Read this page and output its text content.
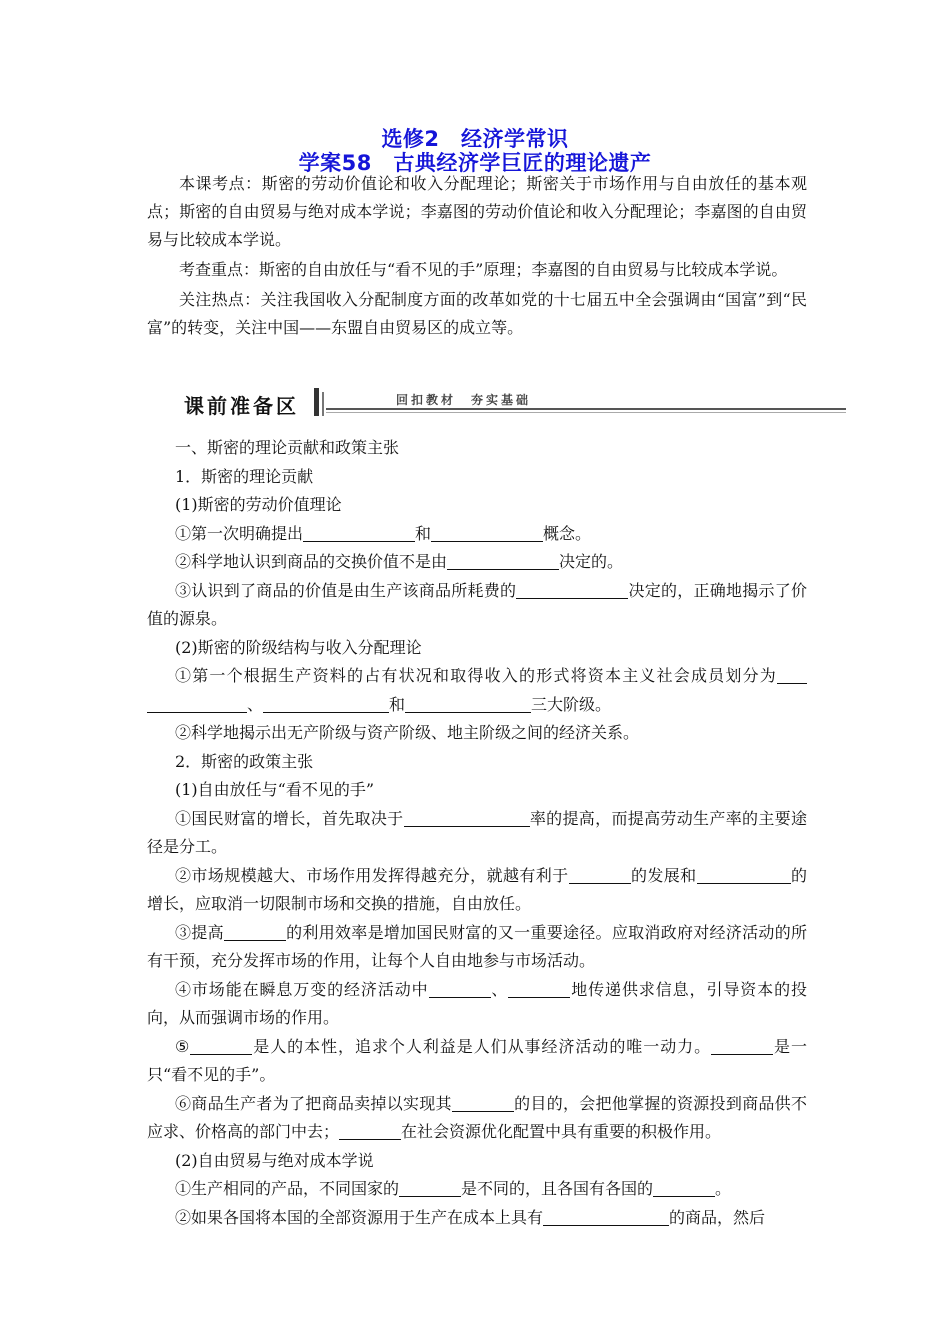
选修2　经济学常识
学案58　古典经济学巨匠的理论遗产

本课考点：斯密的劳动价值论和收入分配理论；斯密关于市场作用与自由放任的基本观点；斯密的自由贸易与绝对成本学说；李嘉图的劳动价值论和收入分配理论；李嘉图的自由贸易与比较成本学说。

考查重点：斯密的自由放任与“看不见的手”原理；李嘉图的自由贸易与比较成本学说。

关注热点：关注我国收入分配制度方面的改革如党的十七届五中全会强调由“国富”到“民富”的转变，关注中国——东盟自由贸易区的成立等。

课前准备区	回扣教材　夯实基础

一、斯密的理论贡献和政策主张

1．斯密的理论贡献

(1)斯密的劳动价值理论

①第一次明确提出	和	概念。

②科学地认识到商品的交换价值不是由	决定的。

③认识到了商品的价值是由生产该商品所耗费的	决定的，正确地揭示了价值的源泉。

(2)斯密的阶级结构与收入分配理论

①第一个根据生产资料的占有状况和取得收入的形式将资本主义社会成员划分为、	和	三大阶级。

②科学地揭示出无产阶级与资产阶级、地主阶级之间的经济关系。

2．斯密的政策主张

(1)自由放任与“看不见的手”

①国民财富的增长，首先取决于	率的提高，而提高劳动生产率的主要途径是分工。

②市场规模越大、市场作用发挥得越充分，就越有利于	的发展和	的增长，应取消一切限制市场和交换的措施，自由放任。

③提高	的利用效率是增加国民财富的又一重要途径。应取消政府对经济活动的所有干预，充分发挥市场的作用，让每个人自由地参与市场活动。

④市场能在瞬息万变的经济活动中	、	地传递供求信息，引导资本的投向，从而强调市场的作用。

⑤	是人的本性，追求个人利益是人们从事经济活动的唯一动力。	是一只“看不见的手”。

⑥商品生产者为了把商品卖掉以实现其	的目的，会把他掌握的资源投到商品供不应求、价格高的部门中去；	在社会资源优化配置中具有重要的积极作用。

(2)自由贸易与绝对成本学说

①生产相同的产品，不同国家的	是不同的，且各国有各国的	。

②如果各国将本国的全部资源用于生产在成本上具有	的商品，然后
